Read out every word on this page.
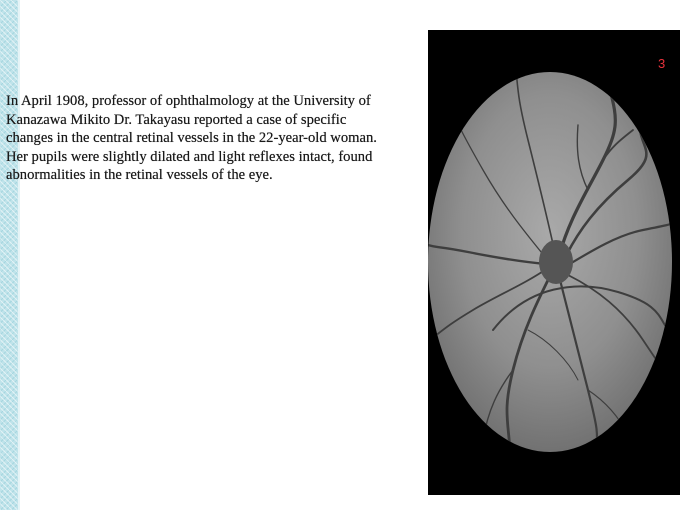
In April 1908, professor of ophthalmology at the University of Kanazawa Mikito Dr. Takayasu reported a case of specific changes in the central retinal vessels in the 22-year-old woman. Her pupils were slightly dilated and light reflexes intact, found abnormalities in the retinal vessels of the eye.

3
